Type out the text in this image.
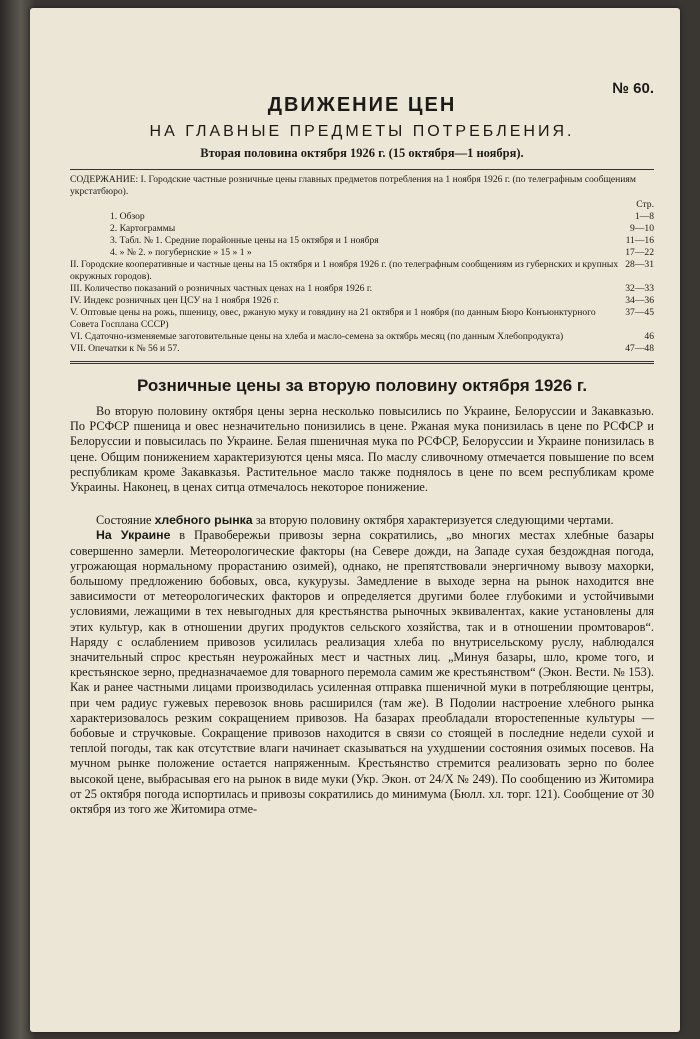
№ 60.
ДВИЖЕНИЕ ЦЕН
НА ГЛАВНЫЕ ПРЕДМЕТЫ ПОТРЕБЛЕНИЯ.
Вторая половина октября 1926 г. (15 октября—1 ноября).

СОДЕРЖАНИЕ: I. Городские частные розничные цены главных предметов потребления на 1 ноября 1926 г. (по телеграфным сообщениям укрстатбюро).

Стр.
1. Обзор	1—8
2. Картограммы	9—10
3. Табл. № 1. Средние порайонные цены на 15 октября и 1 ноября	11—16
4. » № 2. » погубернские » 15 » 1 »	17—22
II. Городские кооперативные и частные цены на 15 октября и 1 ноября 1926 г. (по телеграфным сообщениям из губернских и крупных окружных городов).
28—31
III. Количество показаний о розничных частных ценах на 1 ноября 1926 г.	32—33
IV. Индекс розничных цен ЦСУ на 1 ноября 1926 г.	34—36
V. Оптовые цены на рожь, пшеницу, овес, ржаную муку и говядину на 21 октября и 1 ноября (по данным Бюро Конъюнктурного Совета Госплана СССР)
37—45
VI. Сдаточно-изменяемые заготовительные цены на хлеба и масло-семена за октябрь месяц (по данным Хлебопродукта)	46
VII. Опечатки к № 56 и 57.	47—48
Розничные цены за вторую половину октября 1926 г.

Во вторую половину октября цены зерна несколько повысились по Украине, Белоруссии и Закавказью. По РСФСР пшеница и овес незначительно понизились в цене. Ржаная мука понизилась в цене по РСФСР и Белоруссии и повысилась по Украине. Белая пшеничная мука по РСФСР, Белоруссии и Украине понизилась в цене. Общим понижением характеризуются цены мяса. По маслу сливочному отмечается повышение по всем республикам кроме Закавказья. Растительное масло также поднялось в цене по всем республикам кроме Украины. Наконец, в ценах ситца отмечалось некоторое понижение.

Состояние хлебного рынка за вторую половину октября характеризуется следующими чертами.

На Украине в Правобережьи привозы зерна сократились, „во многих местах хлебные базары совершенно замерли. Метеорологические факторы (на Севере дожди, на Западе сухая бездождная погода, угрожающая нормальному прорастанию озимей), однако, не препятствовали энергичному вывозу махорки, большому предложению бобовых, овса, кукурузы. Замедление в выходе зерна на рынок находится вне зависимости от метеорологических факторов и определяется другими более глубокими и устойчивыми условиями, лежащими в тех невыгодных для крестьянства рыночных эквивалентах, какие установлены для этих культур, как в отношении других продуктов сельского хозяйства, так и в отношении промтоваров“. Наряду с ослаблением привозов усилилась реализация хлеба по внутрисельскому руслу, наблюдался значительный спрос крестьян неурожайных мест и частных лиц. „Минуя базары, шло, кроме того, и крестьянское зерно, предназначаемое для товарного перемола самим же крестьянством“ (Экон. Вести. № 153). Как и ранее частными лицами производилась усиленная отправка пшеничной муки в потребляющие центры, при чем радиус гужевых перевозок вновь расширился (там же). В Подолии настроение хлебного рынка характеризовалось резким сокращением привозов. На базарах преобладали второстепенные культуры — бобовые и стручковые. Сокращение привозов находится в связи со стоящей в последние недели сухой и теплой погоды, так как отсутствие влаги начинает сказываться на ухудшении состояния озимых посевов. На мучном рынке положение остается напряженным. Крестьянство стремится реализовать зерно по более высокой цене, выбрасывая его на рынок в виде муки (Укр. Экон. от 24/X № 249). По сообщению из Житомира от 25 октября погода испортилась и привозы сократились до минимума (Бюлл. хл. торг. 121). Сообщение от 30 октября из того же Житомира отме-
